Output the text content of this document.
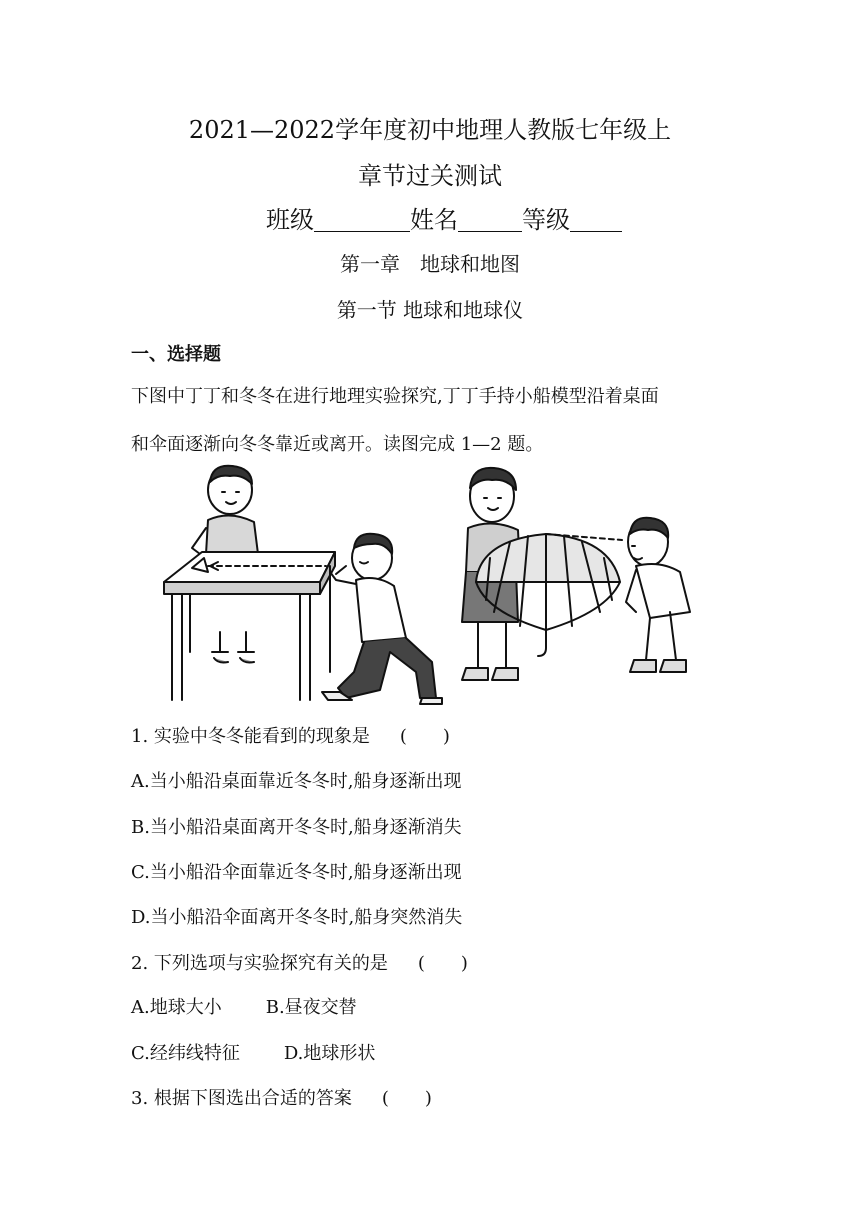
2021—2022学年度初中地理人教版七年级上
章节过关测试
班级	姓名	等级
第一章　地球和地图
第一节 地球和地球仪
一、选择题
下图中丁丁和冬冬在进行地理实验探究,丁丁手持小船模型沿着桌面
和伞面逐渐向冬冬靠近或离开。读图完成 1—2 题。
1. 实验中冬冬能看到的现象是 (　　)
A.当小船沿桌面靠近冬冬时,船身逐渐出现
B.当小船沿桌面离开冬冬时,船身逐渐消失
C.当小船沿伞面靠近冬冬时,船身逐渐出现
D.当小船沿伞面离开冬冬时,船身突然消失
2. 下列选项与实验探究有关的是 (　　)
A.地球大小 B.昼夜交替
C.经纬线特征 D.地球形状
3. 根据下图选出合适的答案 (　　)
